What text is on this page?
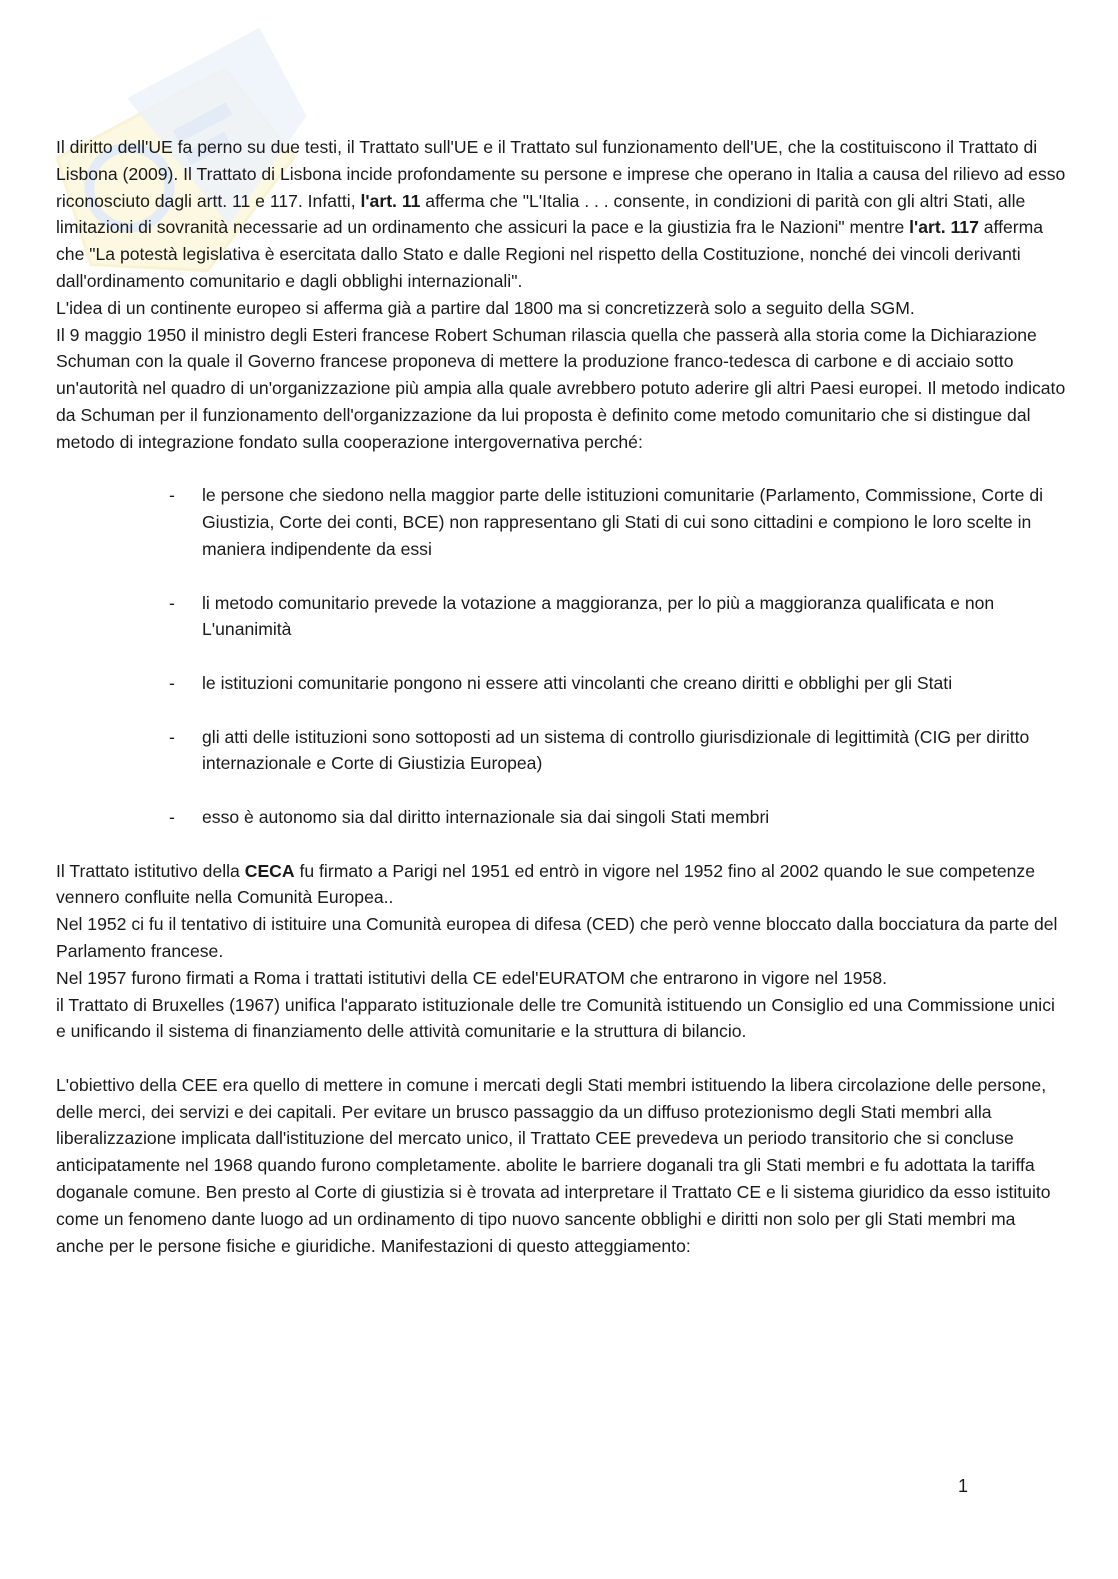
Il diritto dell'UE fa perno su due testi, il Trattato sull'UE e il Trattato sul funzionamento dell'UE, che la costituiscono il Trattato di Lisbona (2009). Il Trattato di Lisbona incide profondamente su persone e imprese che operano in Italia a causa del rilievo ad esso riconosciuto dagli artt. 11 e 117. Infatti, l'art. 11 afferma che "L'Italia . . . consente, in condizioni di parità con gli altri Stati, alle limitazioni di sovranità necessarie ad un ordinamento che assicuri la pace e la giustizia fra le Nazioni" mentre l'art. 117 afferma che "La potestà legislativa è esercitata dallo Stato e dalle Regioni nel rispetto della Costituzione, nonché dei vincoli derivanti dall'ordinamento comunitario e dagli obblighi internazionali".

L'idea di un continente europeo si afferma già a partire dal 1800 ma si concretizzerà solo a seguito della SGM.

Il 9 maggio 1950 il ministro degli Esteri francese Robert Schuman rilascia quella che passerà alla storia come la Dichiarazione Schuman con la quale il Governo francese proponeva di mettere la produzione franco-tedesca di carbone e di acciaio sotto un'autorità nel quadro di un'organizzazione più ampia alla quale avrebbero potuto aderire gli altri Paesi europei. Il metodo indicato da Schuman per il funzionamento dell'organizzazione da lui proposta è definito come metodo comunitario che si distingue dal metodo di integrazione fondato sulla cooperazione intergovernativa perché:

- le persone che siedono nella maggior parte delle istituzioni comunitarie (Parlamento, Commissione, Corte di Giustizia, Corte dei conti, BCE) non rappresentano gli Stati di cui sono cittadini e compiono le loro scelte in maniera indipendente da essi
- li metodo comunitario prevede la votazione a maggioranza, per lo più a maggioranza qualificata e non L'unanimità
- le istituzioni comunitarie pongono ni essere atti vincolanti che creano diritti e obblighi per gli Stati
- gli atti delle istituzioni sono sottoposti ad un sistema di controllo giurisdizionale di legittimità (CIG per diritto internazionale e Corte di Giustizia Europea)
- esso è autonomo sia dal diritto internazionale sia dai singoli Stati membri

Il Trattato istitutivo della CECA fu firmato a Parigi nel 1951 ed entrò in vigore nel 1952 fino al 2002 quando le sue competenze vennero confluite nella Comunità Europea..

Nel 1952 ci fu il tentativo di istituire una Comunità europea di difesa (CED) che però venne bloccato dalla bocciatura da parte del Parlamento francese.

Nel 1957 furono firmati a Roma i trattati istitutivi della CE edel'EURATOM che entrarono in vigore nel 1958.

il Trattato di Bruxelles (1967) unifica l'apparato istituzionale delle tre Comunità istituendo un Consiglio ed una Commissione unici e unificando il sistema di finanziamento delle attività comunitarie e la struttura di bilancio.

L'obiettivo della CEE era quello di mettere in comune i mercati degli Stati membri istituendo la libera circolazione delle persone, delle merci, dei servizi e dei capitali. Per evitare un brusco passaggio da un diffuso protezionismo degli Stati membri alla liberalizzazione implicata dall'istituzione del mercato unico, il Trattato CEE prevedeva un periodo transitorio che si concluse anticipatamente nel 1968 quando furono completamente. abolite le barriere doganali tra gli Stati membri e fu adottata la tariffa doganale comune. Ben presto al Corte di giustizia si è trovata ad interpretare il Trattato CE e li sistema giuridico da esso istituito come un fenomeno dante luogo ad un ordinamento di tipo nuovo sancente obblighi e diritti non solo per gli Stati membri ma anche per le persone fisiche e giuridiche. Manifestazioni di questo atteggiamento:

1
